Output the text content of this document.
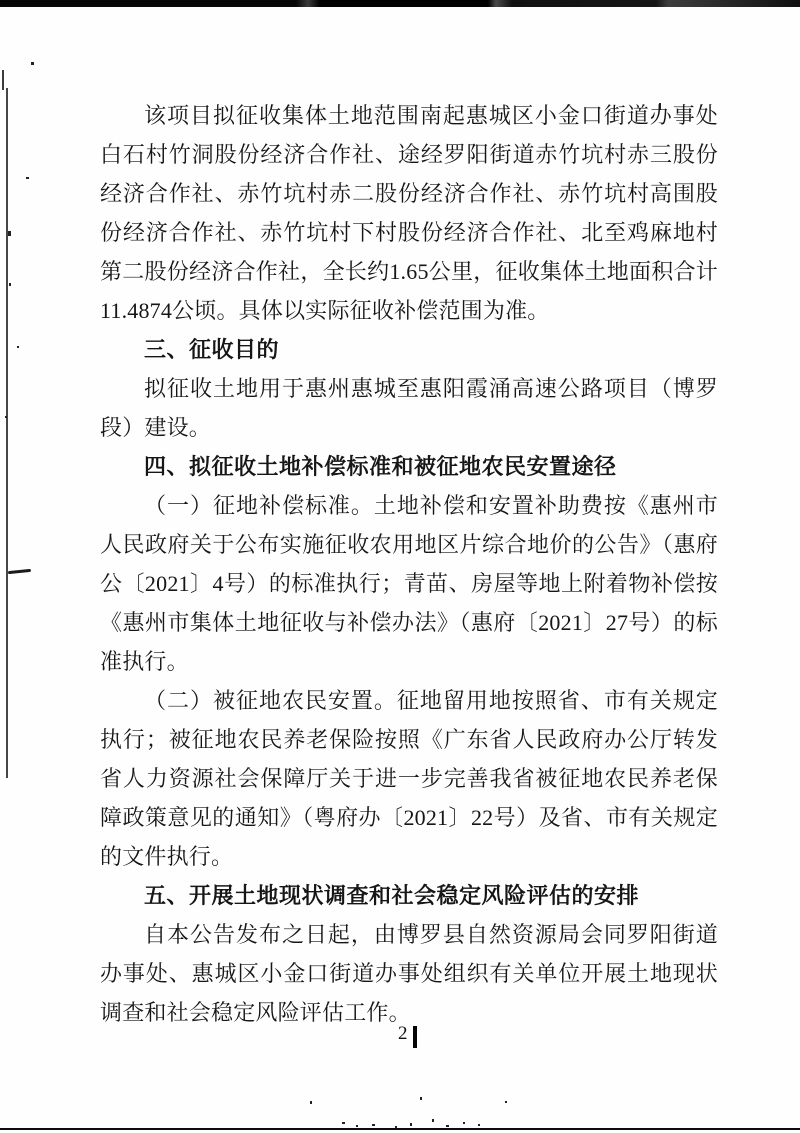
该项目拟征收集体土地范围南起惠城区小金口街道办事处白石村竹洞股份经济合作社、途经罗阳街道赤竹坑村赤三股份经济合作社、赤竹坑村赤二股份经济合作社、赤竹坑村高围股份经济合作社、赤竹坑村下村股份经济合作社、北至鸡麻地村第二股份经济合作社，全长约1.65公里，征收集体土地面积合计11.4874公顷。具体以实际征收补偿范围为准。

三、征收目的

拟征收土地用于惠州惠城至惠阳霞涌高速公路项目（博罗段）建设。

四、拟征收土地补偿标准和被征地农民安置途径

（一）征地补偿标准。土地补偿和安置补助费按《惠州市人民政府关于公布实施征收农用地区片综合地价的公告》（惠府公〔2021〕4号）的标准执行；青苗、房屋等地上附着物补偿按《惠州市集体土地征收与补偿办法》（惠府〔2021〕27号）的标准执行。

（二）被征地农民安置。征地留用地按照省、市有关规定执行；被征地农民养老保险按照《广东省人民政府办公厅转发省人力资源社会保障厅关于进一步完善我省被征地农民养老保障政策意见的通知》（粤府办〔2021〕22号）及省、市有关规定的文件执行。

五、开展土地现状调查和社会稳定风险评估的安排

自本公告发布之日起，由博罗县自然资源局会同罗阳街道办事处、惠城区小金口街道办事处组织有关单位开展土地现状调查和社会稳定风险评估工作。

2
